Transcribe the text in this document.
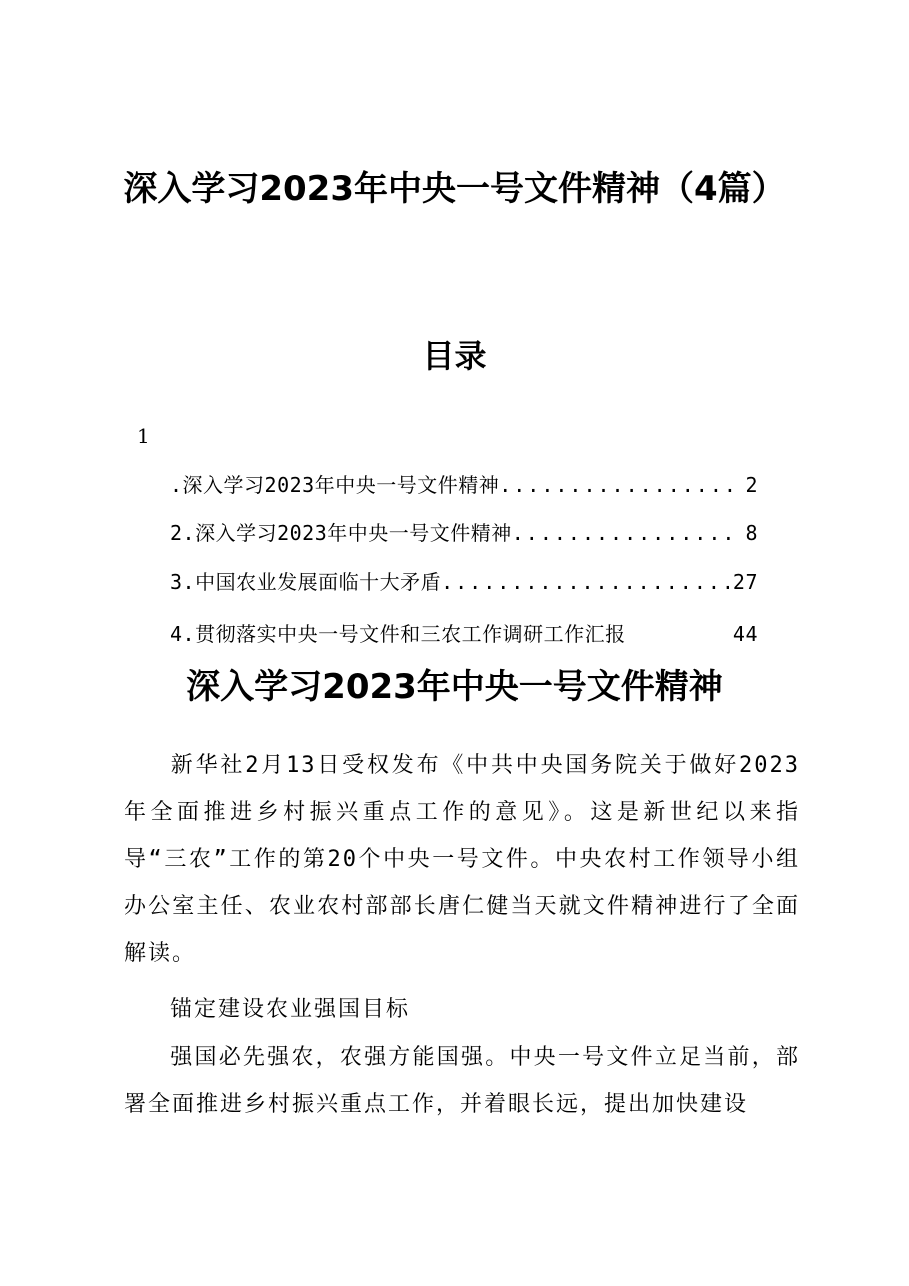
深入学习2023年中央一号文件精神（4篇）
目录
1
.深入学习2023年中央一号文件精神 .....	2
2.深入学习2023年中央一号文件精神 .....	8
3.中国农业发展面临十大矛盾 .....	27
4.贯彻落实中央一号文件和三农工作调研工作汇报	44
深入学习2023年中央一号文件精神

新华社2月13日受权发布《中共中央国务院关于做好2023年全面推进乡村振兴重点工作的意见》。这是新世纪以来指导“三农”工作的第20个中央一号文件。中央农村工作领导小组办公室主任、农业农村部部长唐仁健当天就文件精神进行了全面解读。

锚定建设农业强国目标

强国必先强农，农强方能国强。中央一号文件立足当前，部署全面推进乡村振兴重点工作，并着眼长远，提出加快建设
